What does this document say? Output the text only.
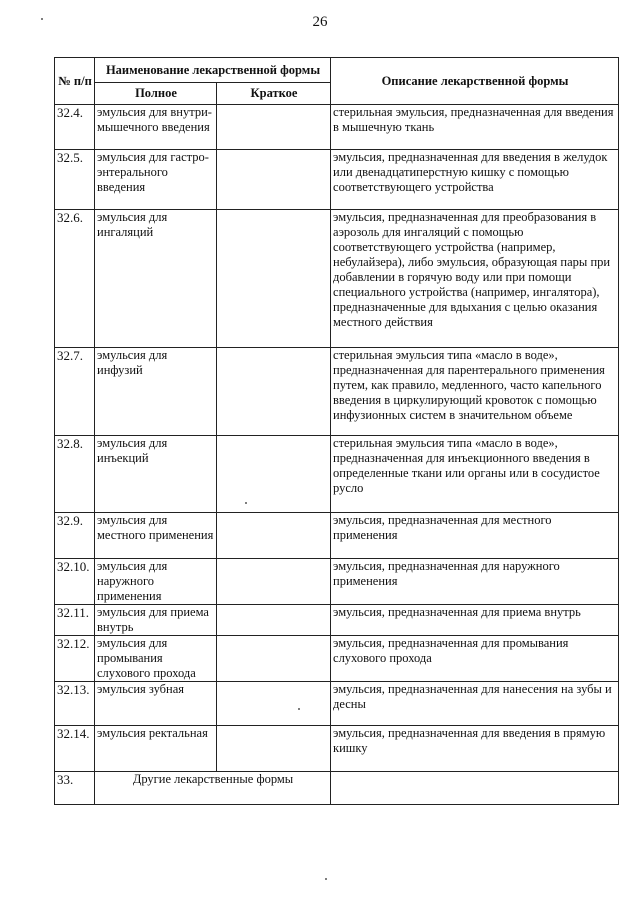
26
№ п/п	Наименование лекарственной формы		Описание лекарственной формы
	Полное	Краткое	
32.4.	эмульсия для внутри-мышечного введения		стерильная эмульсия, предназначенная для введения в мышечную ткань
32.5.	эмульсия для гастро-энтерального введения		эмульсия, предназначенная для введения в желудок или двенадцатиперстную кишку с помощью соответствующего устройства
32.6.	эмульсия для ингаляций		эмульсия, предназначенная для преобразования в аэрозоль для ингаляций с помощью соответствующего устройства (например, небулайзера), либо эмульсия, образующая пары при добавлении в горячую воду или при помощи специального устройства (например, ингалятора), предназначенные для вдыхания с целью оказания местного действия
32.7.	эмульсия для инфузий		стерильная эмульсия типа «масло в воде», предназначенная для парентерального применения путем, как правило, медленного, часто капельного введения в циркулирующий кровоток с помощью инфузионных систем в значительном объеме
32.8.	эмульсия для инъекций		стерильная эмульсия типа «масло в воде», предназначенная для инъекционного введения в определенные ткани или органы или в сосудистое русло
32.9.	эмульсия для местного применения		эмульсия, предназначенная для местного применения
32.10.	эмульсия для наружного применения		эмульсия, предназначенная для наружного применения
32.11.	эмульсия для приема внутрь		эмульсия, предназначенная для приема внутрь
32.12.	эмульсия для промывания слухового прохода		эмульсия, предназначенная для промывания слухового прохода
32.13.	эмульсия зубная		эмульсия, предназначенная для нанесения на зубы и десны
32.14.	эмульсия ректальная		эмульсия, предназначенная для введения в прямую кишку
33.	Другие лекарственные формы		
